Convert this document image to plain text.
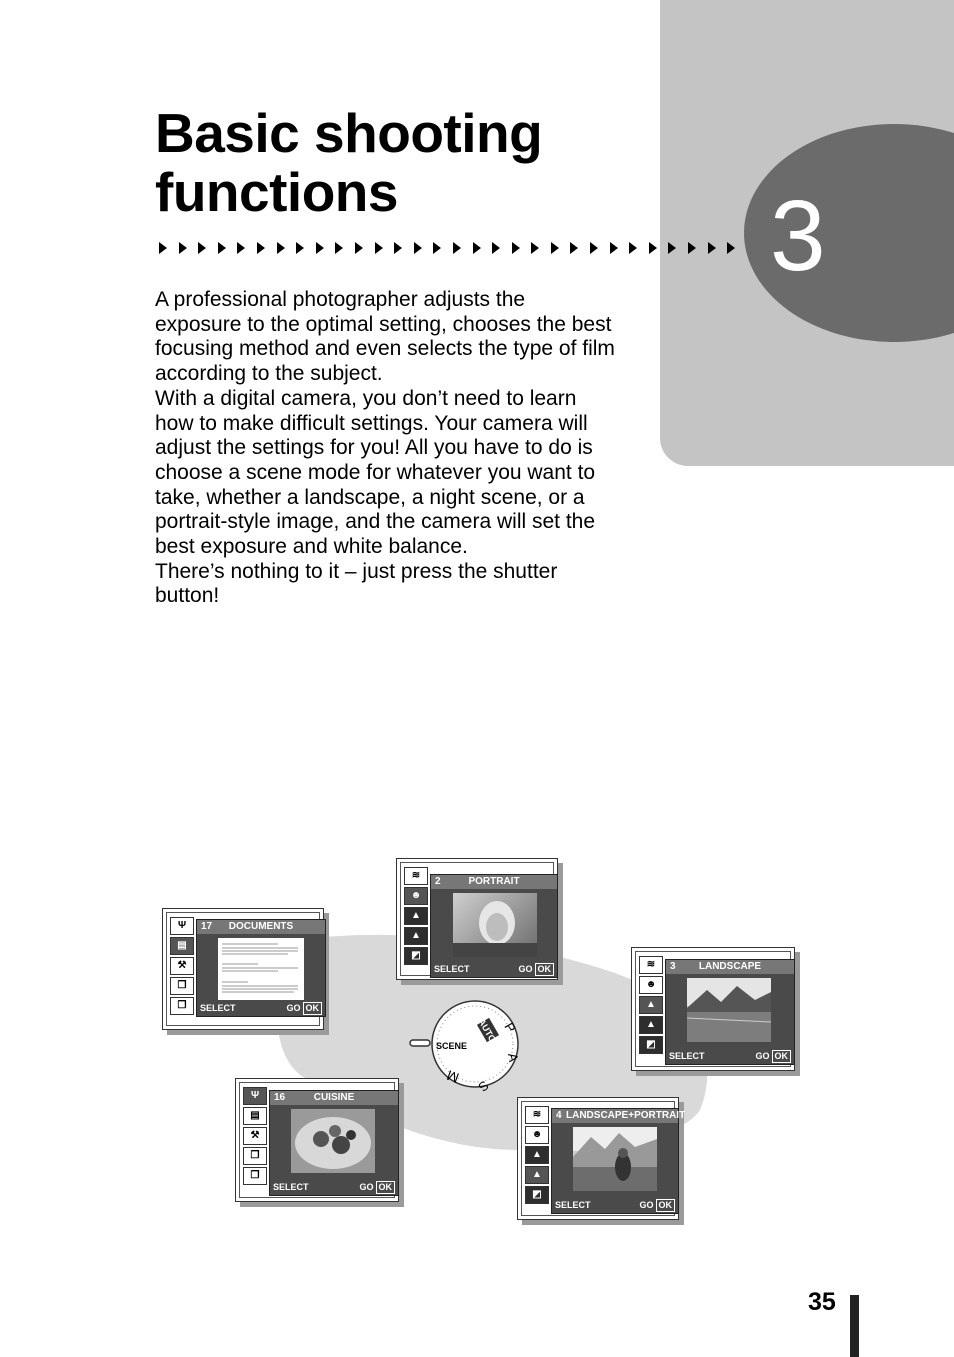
3
Basic shooting
functions

A professional photographer adjusts the exposure to the optimal setting, chooses the best focusing method and even selects the type of film according to the subject.

With a digital camera, you don’t need to learn how to make difficult settings. Your camera will adjust the settings for you! All you have to do is choose a scene mode for whatever you want to take, whether a landscape, a night scene, or a portrait-style image, and the camera will set the best exposure and white balance.

There’s nothing to it – just press the shutter button!

SCENE
AUTO P
A
S
M
Ψ
▤
⚒
❐
❐
17	DOCUMENTS
SELECT	GO OK
≋
☻
▲
▲
◩
2	PORTRAIT
SELECT	GO OK	≋
☻
▲
▲
◩
3	LANDSCAPE
SELECT	GO OK
Ψ
▤
⚒
❐
❐
16	CUISINE
SELECT	GO OK
≋
☻
▲
▲
◩
4 LANDSCAPE+PORTRAIT
SELECT	GO OK
35
